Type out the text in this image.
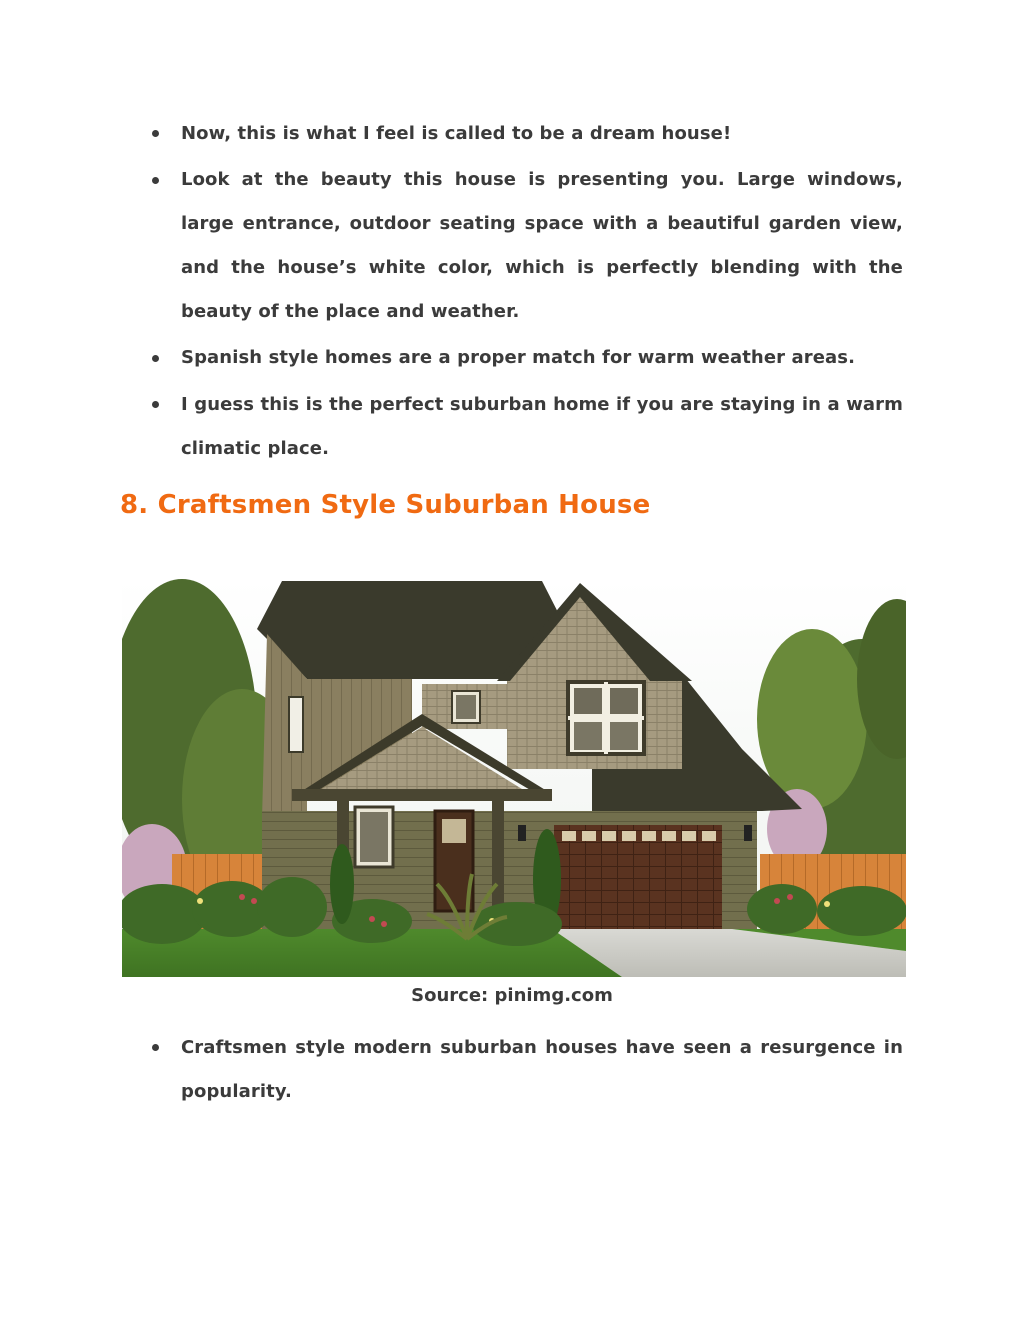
Now, this is what I feel is called to be a dream house!
Look at the beauty this house is presenting you. Large windows, large entrance, outdoor seating space with a beautiful garden view, and the house’s white color, which is perfectly blending with the beauty of the place and weather.
Spanish style homes are a proper match for warm weather areas.
I guess this is the perfect suburban home if you are staying in a warm climatic place.
8. Craftsmen Style Suburban House
Source: pinimg.com
Craftsmen style modern suburban houses have seen a resurgence in popularity.
